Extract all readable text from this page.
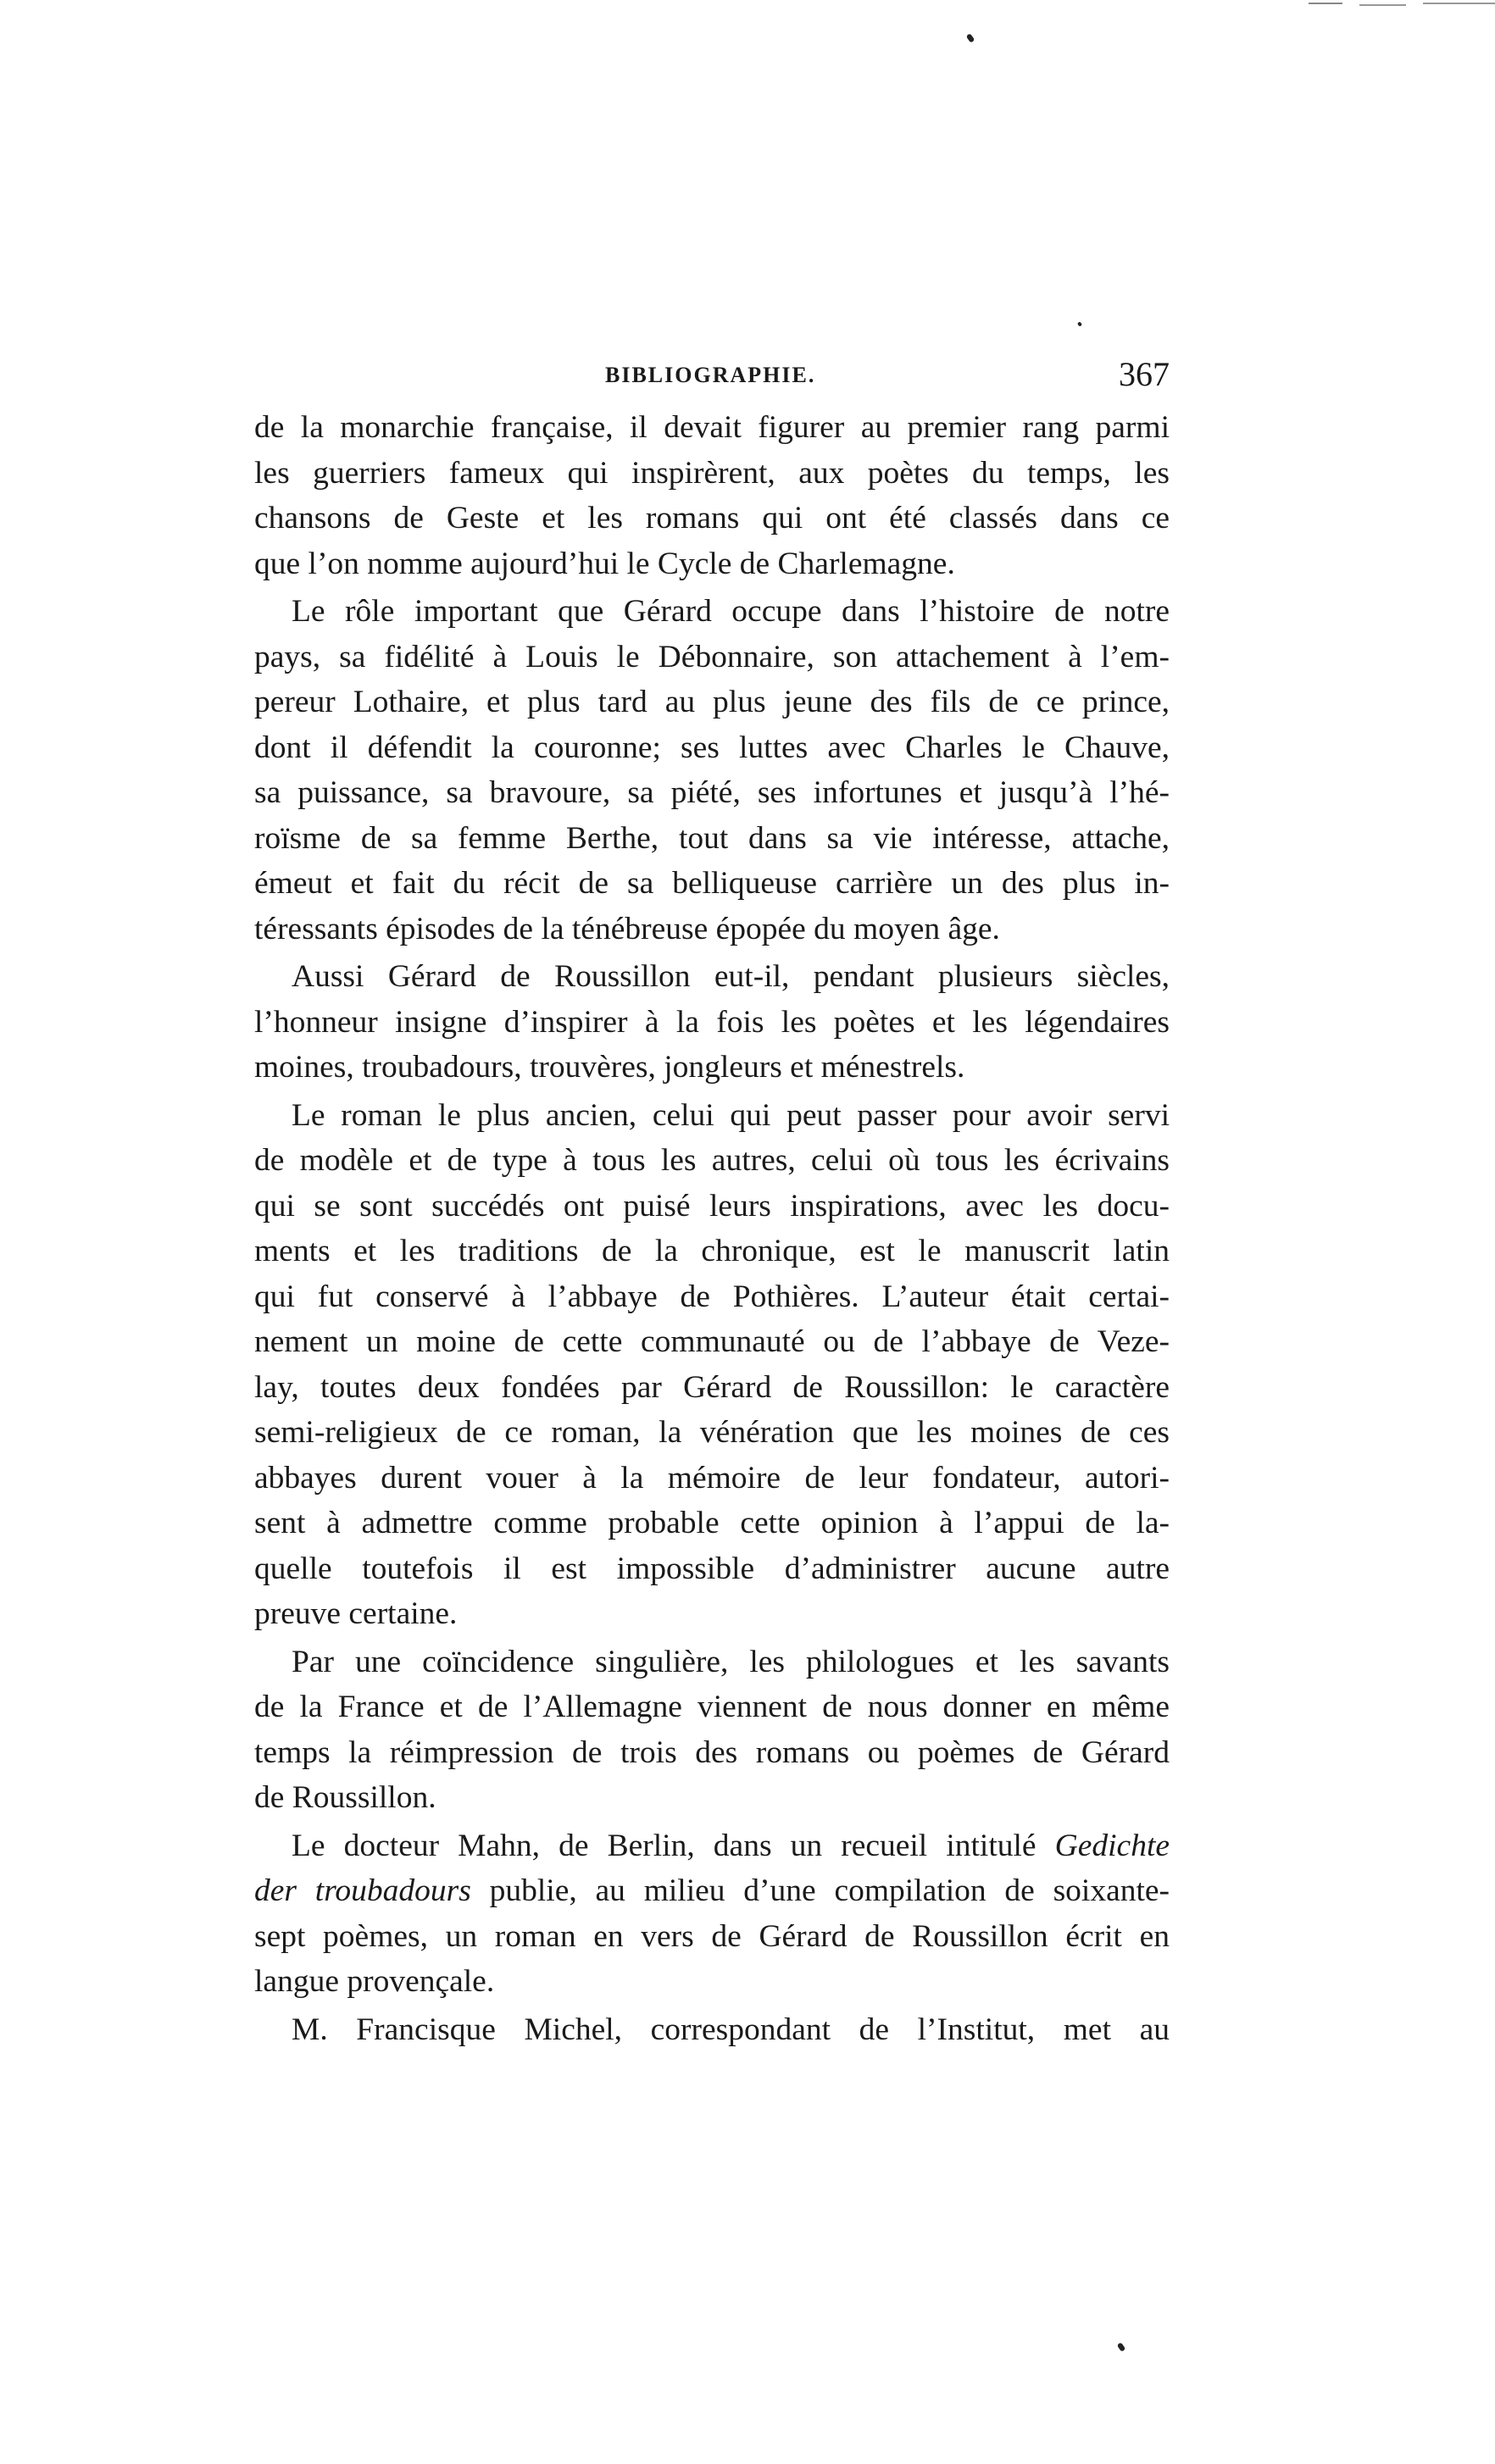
BIBLIOGRAPHIE.	367
de la monarchie française, il devait figurer au premier rang parmi
les guerriers fameux qui inspirèrent, aux poètes du temps, les
chansons de Geste et les romans qui ont été classés dans ce
que l’on nomme aujourd’hui le Cycle de Charlemagne.
Le rôle important que Gérard occupe dans l’histoire de notre
pays, sa fidélité à Louis le Débonnaire, son attachement à l’em-
pereur Lothaire, et plus tard au plus jeune des fils de ce prince,
dont il défendit la couronne; ses luttes avec Charles le Chauve,
sa puissance, sa bravoure, sa piété, ses infortunes et jusqu’à l’hé-
roïsme de sa femme Berthe, tout dans sa vie intéresse, attache,
émeut et fait du récit de sa belliqueuse carrière un des plus in-
téressants épisodes de la ténébreuse épopée du moyen âge.
Aussi Gérard de Roussillon eut-il, pendant plusieurs siècles,
l’honneur insigne d’inspirer à la fois les poètes et les légendaires
moines, troubadours, trouvères, jongleurs et ménestrels.
Le roman le plus ancien, celui qui peut passer pour avoir servi
de modèle et de type à tous les autres, celui où tous les écrivains
qui se sont succédés ont puisé leurs inspirations, avec les docu-
ments et les traditions de la chronique, est le manuscrit latin
qui fut conservé à l’abbaye de Pothières. L’auteur était certai-
nement un moine de cette communauté ou de l’abbaye de Veze-
lay, toutes deux fondées par Gérard de Roussillon: le caractère
semi-religieux de ce roman, la vénération que les moines de ces
abbayes durent vouer à la mémoire de leur fondateur, autori-
sent à admettre comme probable cette opinion à l’appui de la-
quelle toutefois il est impossible d’administrer aucune autre
preuve certaine.
Par une coïncidence singulière, les philologues et les savants
de la France et de l’Allemagne viennent de nous donner en même
temps la réimpression de trois des romans ou poèmes de Gérard
de Roussillon.
Le docteur Mahn, de Berlin, dans un recueil intitulé Gedichte
der troubadours publie, au milieu d’une compilation de soixante-
sept poèmes, un roman en vers de Gérard de Roussillon écrit en
langue provençale.
M. Francisque Michel, correspondant de l’Institut, met au
